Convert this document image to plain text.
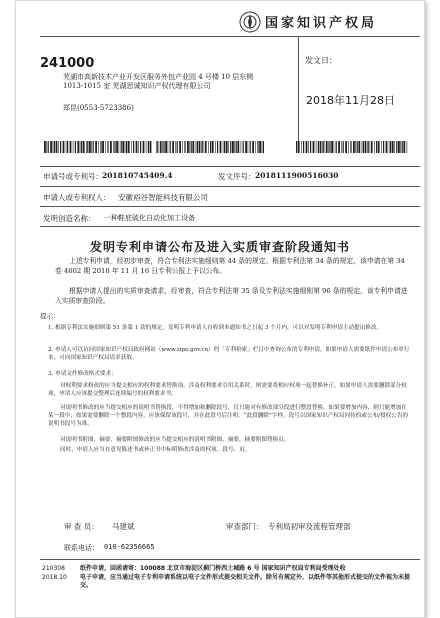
国家知识产权局
241000
芜湖市高新技术产业开发区服务外包产业园 4 号楼 10 层东侧
1013-1015 室 芜湖思诚知识产权代理有限公司
郑昆(0553-5723386)
发文日：
2018年11月28日
申请号或专利号： 201810745409.4	发文序号： 2018111900516030
申请人或专利权人： 安徽裕谷智能科技有限公司
发明创造名称： 一种鞋底硫化自动化加工设备
发明专利申请公布及进入实质审查阶段通知书
上述专利申请，经初步审查，符合专利法实施细则第 44 条的规定。根据专利法第 34 条的规定，该申请在第 34 卷 4602 期 2018 年 11 月 16 日专利公报上予以公布。
根据申请人提出的实质审查请求，经审查，符合专利法第 35 条及专利法实施细则第 96 条的规定，该专利申请进入实质审查阶段。
提示：
1. 根据专利法实施细则第 51 条第 1 款的规定，发明专利申请人自收到本通知书之日起 3 个月内，可以对发明专利申请主动提出修改。
2. 申请人可以访问国家知识产权局政府网站（www.sipo.gov.cn）的「专利检索」栏目中查询公布的专利申请，如果申请人需要纸件申请公布单行本，可向国家知识产权局请求获取。
3. 申请文件修改格式要求：
对权利要求修改的应当提交相应的权利要求替换项，涉及权利要求引用关系时，则需要将相应权项一起替换补正。如果申请人需要删除部分权项，申请人应该提交整理后连续编号的权利要求书。
对说明书修改的应当提交相应的说明书替换段，不得增加和删除段号，仅只能对有修改部分段进行整段替换。如果要增加内容，则只能增加在某一段中；如果需要删除一个整段内容，应该保留该段号，并在此段号后注明：“此段删除”字样。段号以国家知识产权局回传的或公布/授权公告的说明书段号为准。
对说明书附图，摘要，摘要附图修改的应当提交相应的说明书附图，摘要，摘要附图替换页。
同时，申请人应当在意见陈述书或补正书中标明修改涉及的权项、段号、页。
审 查 员： 马建斌	审查部门： 专利局初审及流程管理部
联系电话： 010-62356665
210308
2018.10
纸件申请，回函请寄：100088 北京市海淀区蓟门桥西土城路 6 号 国家知识产权局专利局受理处收
电子申请，应当通过电子专利申请系统以电子文件形式提交相关文件。除另有规定外，以纸件等其他形式提交的文件视为未提交。
